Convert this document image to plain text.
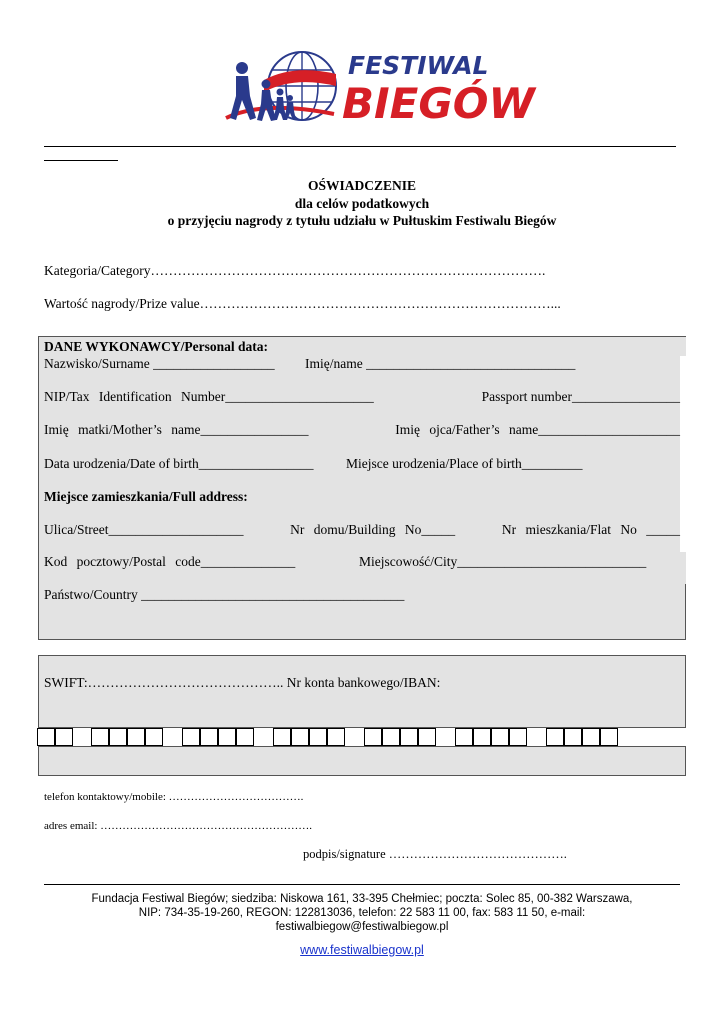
FESTIWAL
BIEGÓW
OŚWIADCZENIE
dla celów podatkowych
o przyjęciu nagrody z tytułu udziału w Pułtuskim Festiwalu Biegów
Kategoria/Category…………………………………………………………………………….
Wartość nagrody/Prize value……………………………………………………………………...
DANE WYKONAWCY/Personal data:
Nazwisko/Surname __________________ Imię/name _______________________________
NIP/Tax Identification Number______________________	Passport number________________
Imię matki/Mother’s name________________	Imię ojca/Father’s name_____________________
Data urodzenia/Date of birth_________________ Miejsce urodzenia/Place of birth_________
Miejsce zamieszkania/Full address:
Ulica/Street____________________	Nr domu/Building No_____	Nr mieszkania/Flat No _____
Kod pocztowy/Postal code______________	Miejscowość/City____________________________
Państwo/Country _______________________________________
SWIFT:…………………………………….. Nr konta bankowego/IBAN:
telefon kontaktowy/mobile: ……………………………….
adres email: ………………………………………………….
podpis/signature …………………………………….
Fundacja Festiwal Biegów; siedziba: Niskowa 161, 33-395 Chełmiec; poczta: Solec 85, 00-382 Warszawa,
NIP: 734-35-19-260, REGON: 122813036, telefon: 22 583 11 00, fax: 583 11 50, e-mail:
festiwalbiegow@festiwalbiegow.pl
www.festiwalbiegow.pl
